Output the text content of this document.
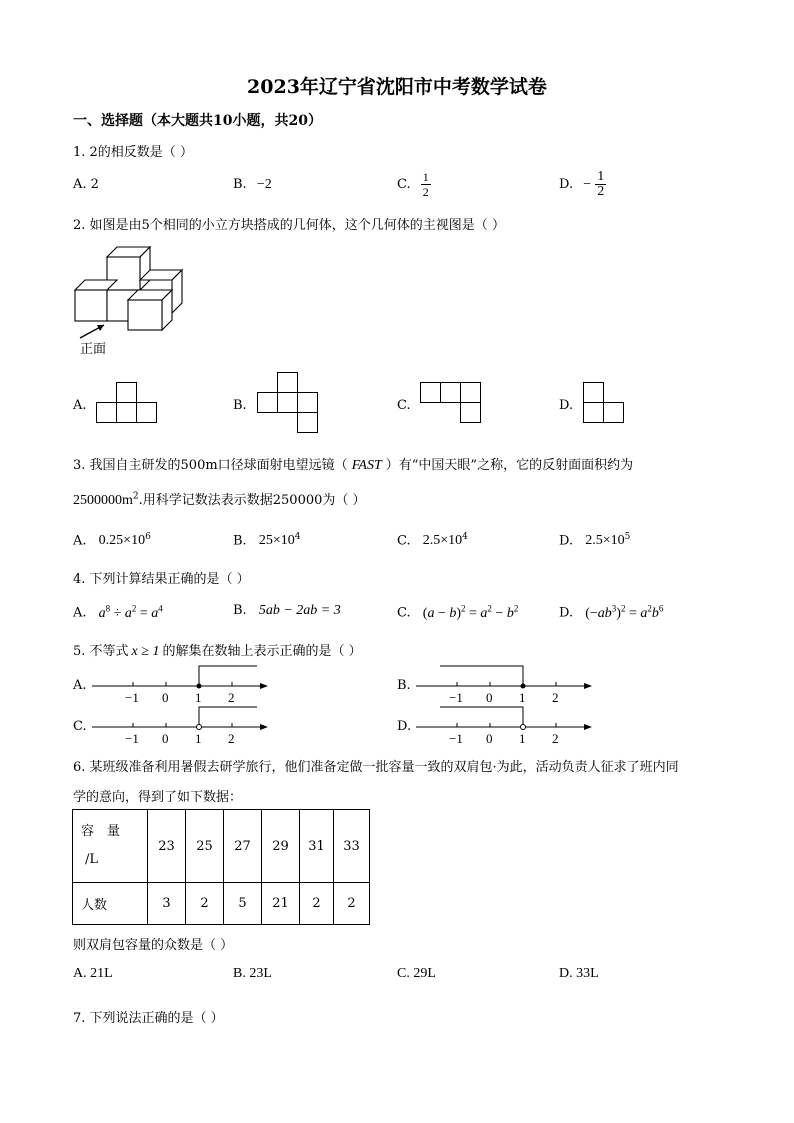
2023年辽宁省沈阳市中考数学试卷
一、选择题（本大题共10小题，共20）
1. 2的相反数是（ ）
A. 2	B. −2	C. $\frac{1}{2}$	D. − $\frac{1}{2}$
2. 如图是由5个相同的小立方块搭成的几何体，这个几何体的主视图是（ ）
正面
A.	B.	C.	D.
3. 我国自主研发的500m口径球面射电望远镜（ FAST ）有“中国天眼”之称，它的反射面面积约为
$2500000m^2$.用科学记数法表示数据250000为（ ）
A. $0.25\times 10^6$	B. $25\times 10^4$	C. $2.5\times 10^4$	D. $2.5\times 10^5$
4. 下列计算结果正确的是（ ）
A. $a^8 \div a^2 = a^4$	B. 5ab − 2ab = 3	C. $(a - b)^2 = a^2 - b^2$	D. $(-ab^3)^2 = a^2b^6$
5. 不等式 x ≥ 1 的解集在数轴上表示正确的是（ ）
A.
−1 0 1 2
B.
−1 0 1 2
C.
−1 0 1 2
D.
−1 0 1 2
6. 某班级准备利用暑假去研学旅行，他们准备定做一批容量一致的双肩包·为此，活动负责人征求了班内同
学的意向，得到了如下数据：
容　量
/L	23	25	27	29	31	33
人数	3	2	5	21	2	2
则双肩包容量的众数是（ ）
A. 21L	B. 23L	C. 29L	D. 33L
7. 下列说法正确的是（ ）
